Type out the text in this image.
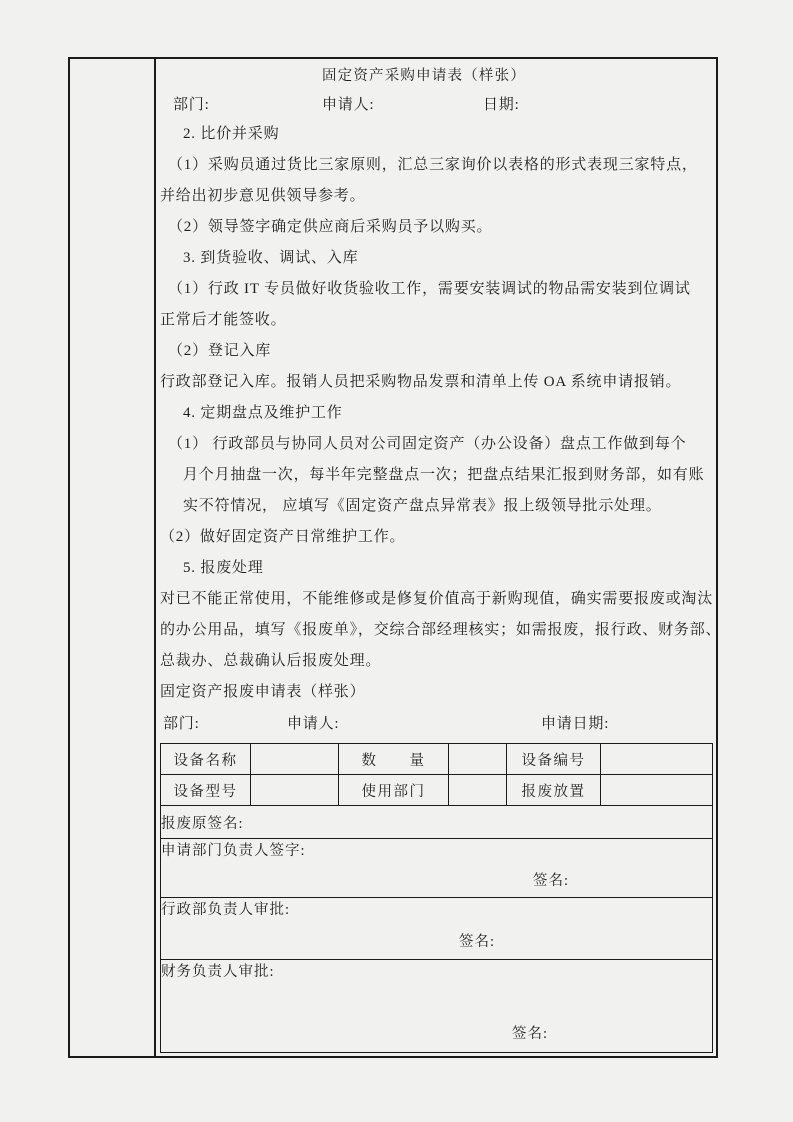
固定资产采购申请表（样张）
部门:	申请人:	日期:
2. 比价并采购
（1）采购员通过货比三家原则，汇总三家询价以表格的形式表现三家特点，
并给出初步意见供领导参考。
（2）领导签字确定供应商后采购员予以购买。
3. 到货验收、调试、入库
（1）行政 IT 专员做好收货验收工作，需要安装调试的物品需安装到位调试
正常后才能签收。
（2）登记入库
行政部登记入库。报销人员把采购物品发票和清单上传 OA 系统申请报销。
4. 定期盘点及维护工作
（1） 行政部员与协同人员对公司固定资产（办公设备）盘点工作做到每个
月个月抽盘一次，每半年完整盘点一次；把盘点结果汇报到财务部，如有账
实不符情况， 应填写《固定资产盘点异常表》报上级领导批示处理。
（2）做好固定资产日常维护工作。
5. 报废处理
对已不能正常使用，不能维修或是修复价值高于新购现值，确实需要报废或淘汰
的办公用品，填写《报废单》，交综合部经理核实；如需报废，报行政、财务部、
总裁办、总裁确认后报废处理。
固定资产报废申请表（样张）
部门:	申请人:	申请日期:
设备名称		数　　量		设备编号	
设备型号		使用部门		报废放置	
报废原签名:					
申请部门负责人签字:
签名:					

行政部负责人审批:
签名:					

财务负责人审批:
签名:					
